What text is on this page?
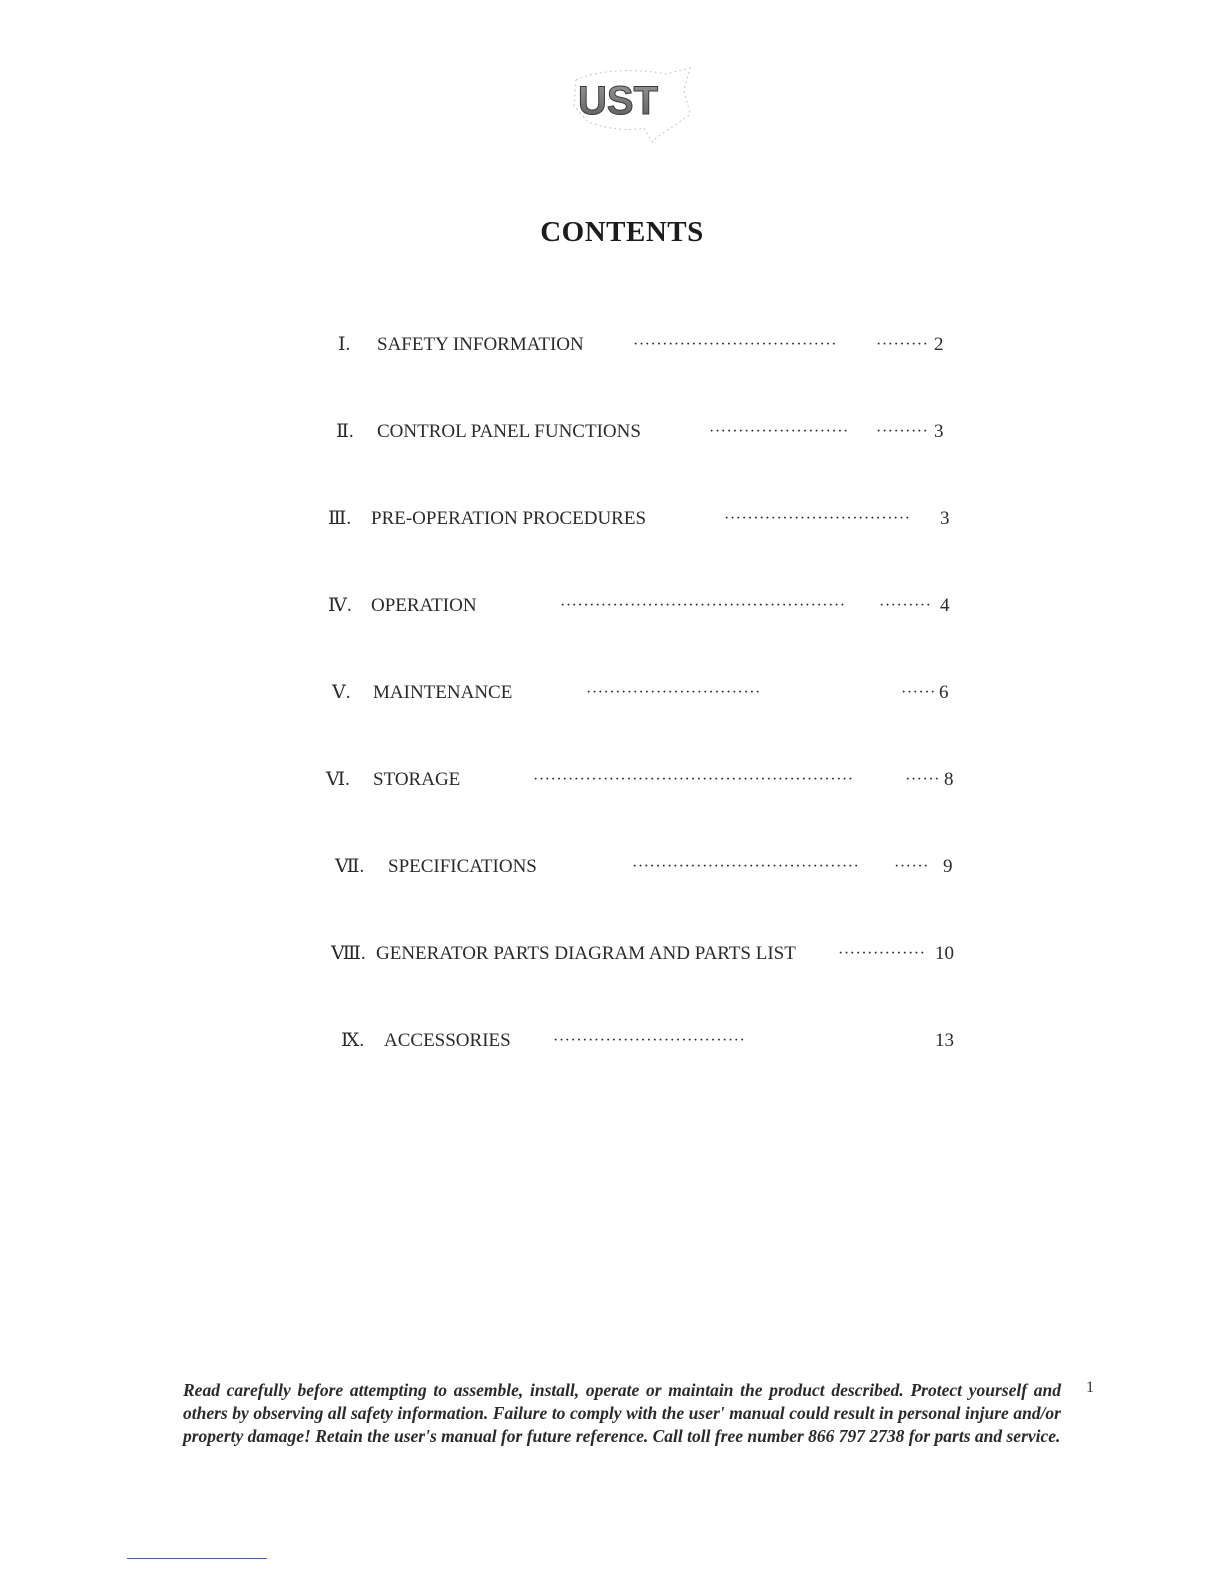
UST
CONTENTS
Ⅰ. SAFETY INFORMATION	··································· ········· 2
Ⅱ. CONTROL PANEL FUNCTIONS	························ ········· 3
Ⅲ. PRE-OPERATION PROCEDURES	································ 3
Ⅳ. OPERATION	················································· ········· 4
Ⅴ. MAINTENANCE	······························	······ 6
Ⅵ. STORAGE	·······················································	······ 8
Ⅶ. SPECIFICATIONS	······································· ······ 9
Ⅷ. GENERATOR PARTS DIAGRAM AND PARTS LIST	··············· 10
Ⅸ. ACCESSORIES	·································	13
Read carefully before attempting to assemble, install, operate or maintain the product described. Protect yourself and others by observing all safety information. Failure to comply with the user' manual could result in personal injure and/or property damage! Retain the user's manual for future reference. Call toll free number 866 797 2738 for parts and service.
1
